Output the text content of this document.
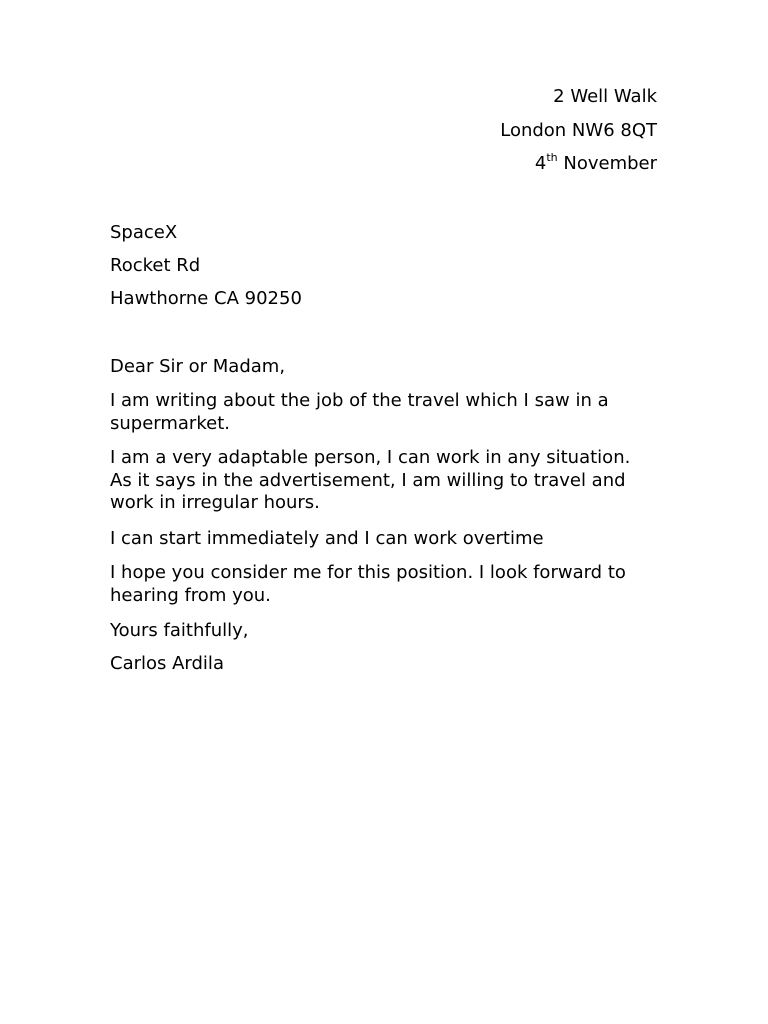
2 Well Walk
London NW6 8QT
4th November
SpaceX
Rocket Rd
Hawthorne CA 90250
Dear Sir or Madam,
I am writing about the job of the travel which I saw in a supermarket.
I am a very adaptable person, I can work in any situation. As it says in the advertisement, I am willing to travel and work in irregular hours.
I can start immediately and I can work overtime
I hope you consider me for this position. I look forward to hearing from you.
Yours faithfully,
Carlos Ardila
